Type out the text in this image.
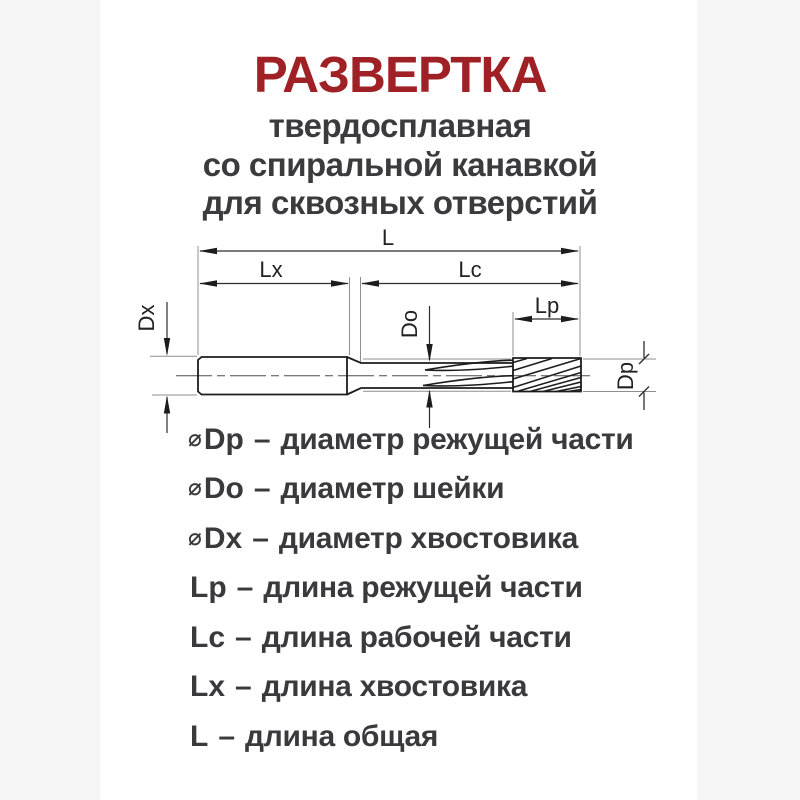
РАЗВЕРТКА
твердосплавная
со спиральной канавкой
для сквозных отверстий
L
Lx	Lc
Lp
Dx	Do
Dp
⌀ Dp – диаметр режущей части
⌀ Do – диаметр шейки
⌀ Dx – диаметр хвостовика
Lp – длина режущей части
Lc – длина рабочей части
Lx – длина хвостовика
L – длина общая
